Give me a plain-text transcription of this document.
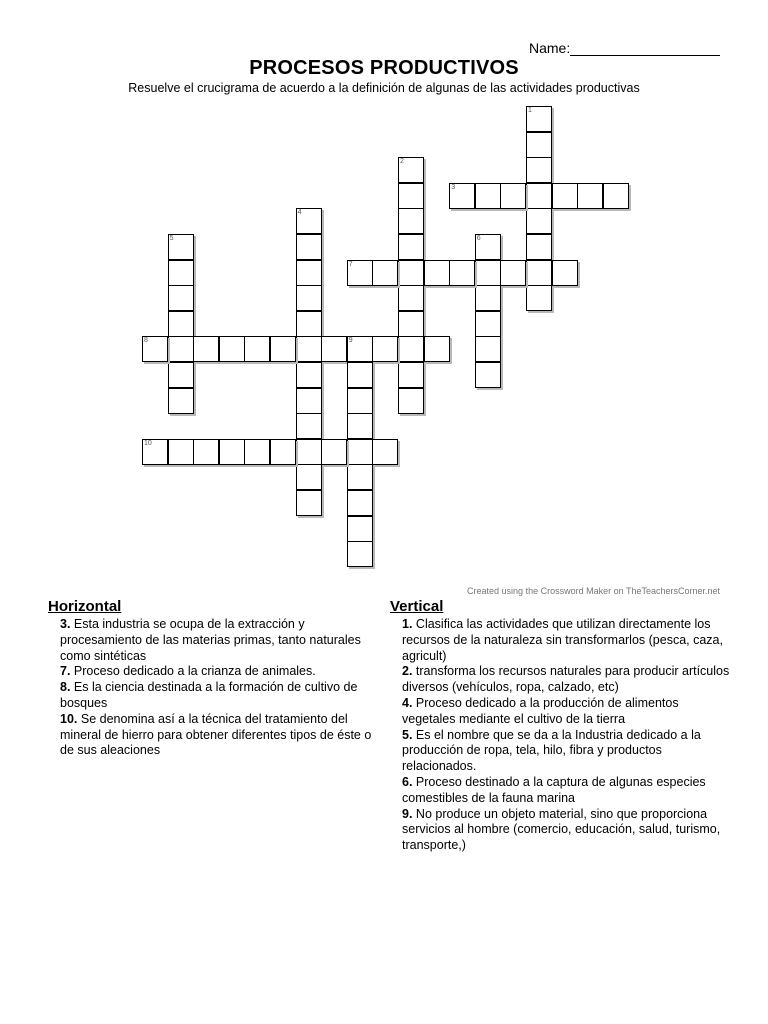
Name:
PROCESOS PRODUCTIVOS
Resuelve el crucigrama de acuerdo a la definición de algunas de las actividades productivas
1
2
3
4
5	6
7
8	9
10
Created using the Crossword Maker on TheTeachersCorner.net
Horizontal
3. Esta industria se ocupa de la extracción y procesamiento de las materias primas, tanto naturales como sintéticas
7. Proceso dedicado a la crianza de animales.
8. Es la ciencia destinada a la formación de cultivo de bosques
10. Se denomina así a la técnica del tratamiento del mineral de hierro para obtener diferentes tipos de éste o de sus aleaciones
Vertical
1. Clasifica las actividades que utilizan directamente los recursos de la naturaleza sin transformarlos (pesca, caza, agricult)
2. transforma los recursos naturales para producir artículos diversos (vehículos, ropa, calzado, etc)
4. Proceso dedicado a la producción de alimentos vegetales mediante el cultivo de la tierra
5. Es el nombre que se da a la Industria dedicado a la producción de ropa, tela, hilo, fibra y productos relacionados.
6. Proceso destinado a la captura de algunas especies comestibles de la fauna marina
9. No produce un objeto material, sino que proporciona servicios al hombre (comercio, educación, salud, turismo, transporte,)
